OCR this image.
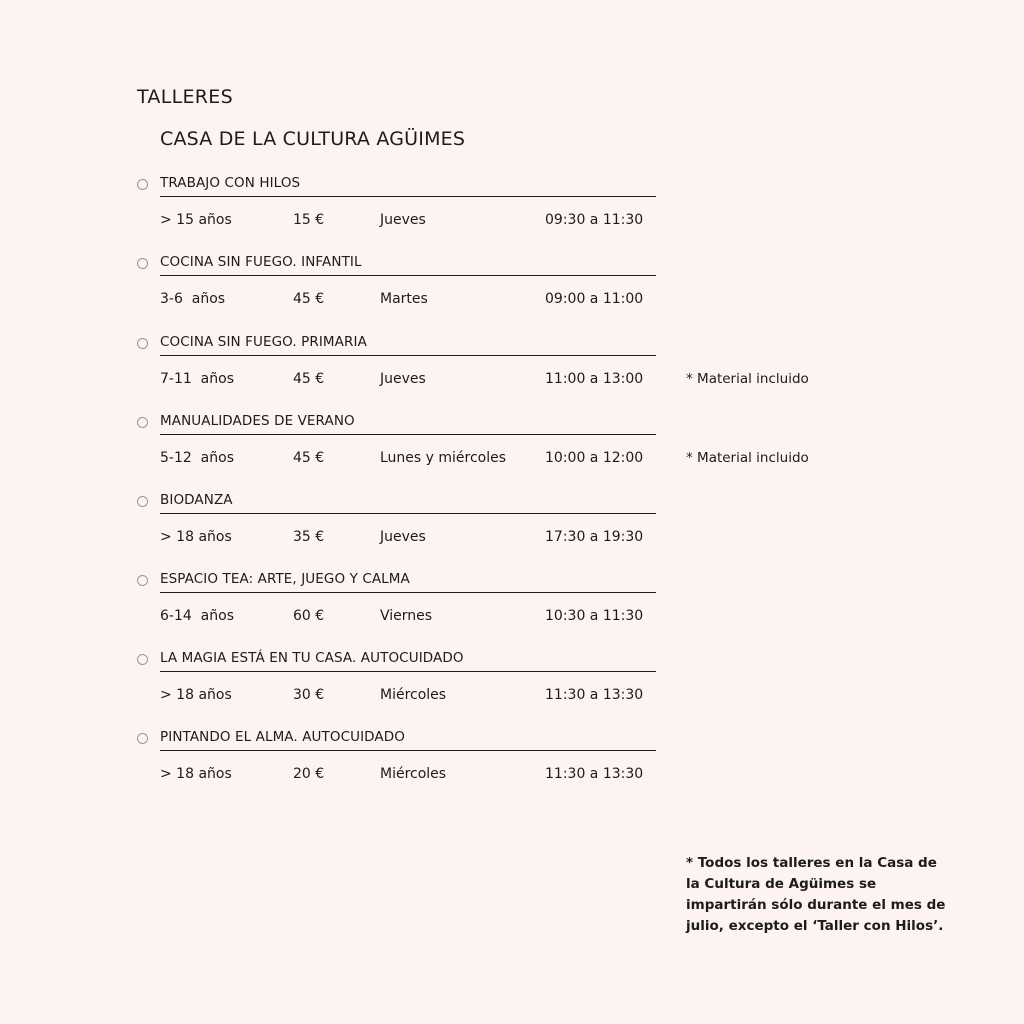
TALLERES
CASA DE LA CULTURA AGÜIMES
TRABAJO CON HILOS
> 15 años	15 €	Jueves	09:30 a 11:30
COCINA SIN FUEGO. INFANTIL
3-6  años	45 €	Martes	09:00 a 11:00
COCINA SIN FUEGO. PRIMARIA
7-11  años	45 €	Jueves	11:00 a 13:00	* Material incluido
MANUALIDADES DE VERANO
5-12  años	45 €	Lunes y miércoles	10:00 a 12:00	* Material incluido
BIODANZA
> 18 años	35 €	Jueves	17:30 a 19:30
ESPACIO TEA: ARTE, JUEGO Y CALMA
6-14  años	60 €	Viernes	10:30 a 11:30
LA MAGIA ESTÁ EN TU CASA. AUTOCUIDADO
> 18 años	30 €	Miércoles	11:30 a 13:30
PINTANDO EL ALMA. AUTOCUIDADO
> 18 años	20 €	Miércoles	11:30 a 13:30
* Todos los talleres en la Casa de la Cultura de Agüimes se impartirán sólo durante el mes de julio, excepto el ‘Taller con Hilos’.
